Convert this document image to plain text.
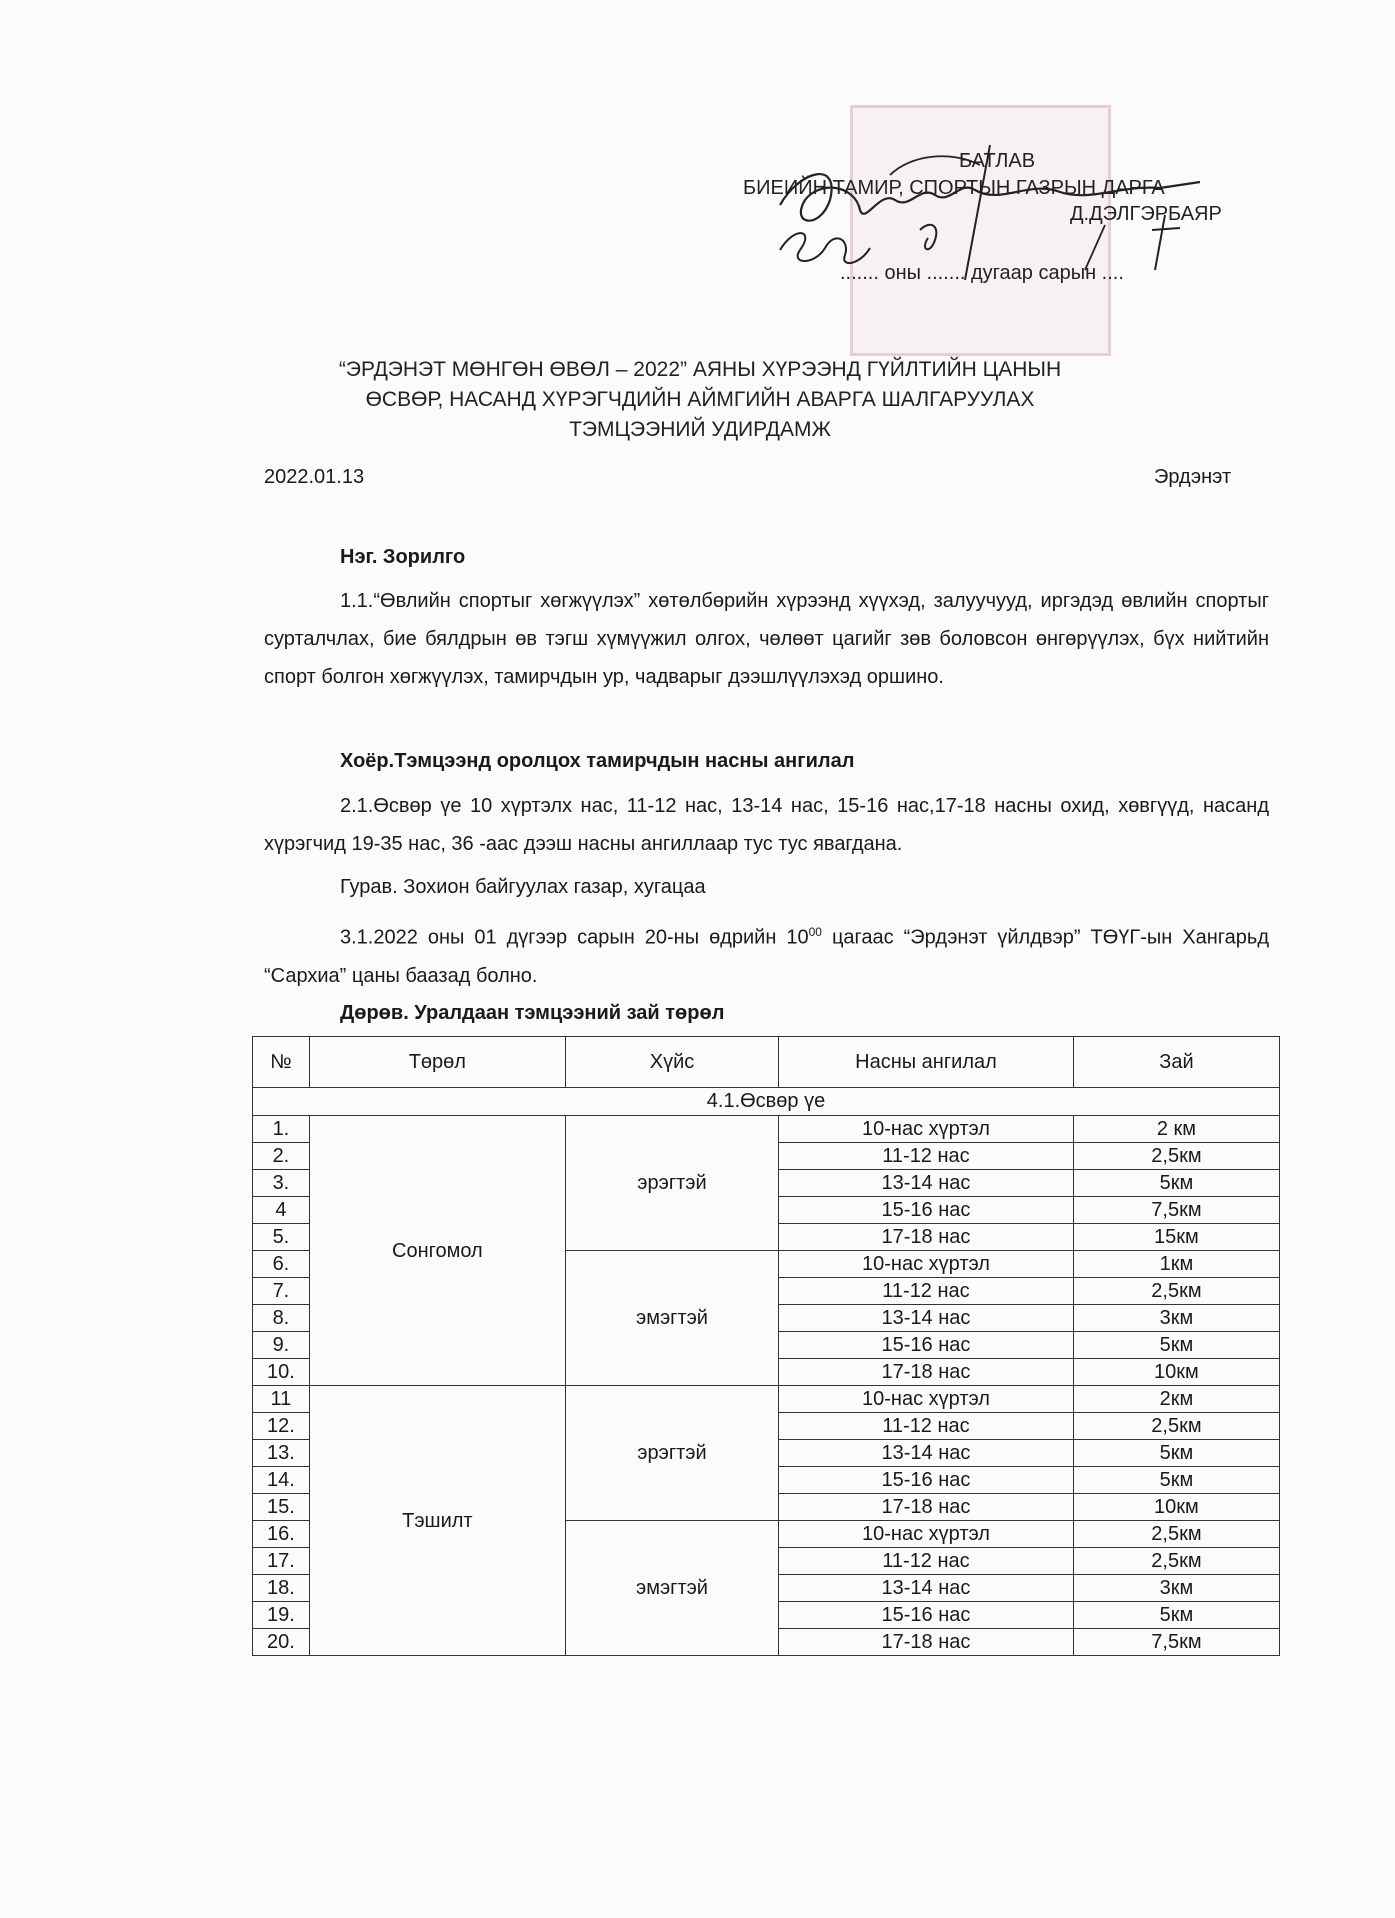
БАТЛАВ
БИЕИЙН ТАМИР, СПОРТЫН ГАЗРЫН ДАРГА
Д.ДЭЛГЭРБАЯР
....... оны ....... дугаар сарын ....
“ЭРДЭНЭТ МӨНГӨН ӨВӨЛ – 2022” АЯНЫ ХҮРЭЭНД ГҮЙЛТИЙН ЦАНЫН
ӨСВӨР, НАСАНД ХҮРЭГЧДИЙН АЙМГИЙН АВАРГА ШАЛГАРУУЛАХ
ТЭМЦЭЭНИЙ УДИРДАМЖ
2022.01.13	Эрдэнэт
Нэг. Зорилго
1.1.“Өвлийн спортыг хөгжүүлэх” хөтөлбөрийн хүрээнд хүүхэд, залуучууд, иргэдэд өвлийн спортыг сурталчлах, бие бялдрын өв тэгш хүмүүжил олгох, чөлөөт цагийг зөв боловсон өнгөрүүлэх, бүх нийтийн спорт болгон хөгжүүлэх, тамирчдын ур, чадварыг дээшлүүлэхэд оршино.
Хоёр.Тэмцээнд оролцох тамирчдын насны ангилал
2.1.Өсвөр үе 10 хүртэлх нас, 11-12 нас, 13-14 нас, 15-16 нас,17-18 насны охид, хөвгүүд, насанд хүрэгчид 19-35 нас, 36 -аас дээш насны ангиллаар тус тус явагдана.
Гурав. Зохион байгуулах газар, хугацаа
3.1.2022 оны 01 дүгээр сарын 20-ны өдрийн $10^{00}$ цагаас “Эрдэнэт үйлдвэр” ТӨҮГ-ын Хангарьд “Сархиа” цаны баазад болно.
Дөрөв. Уралдаан тэмцээний зай төрөл
№	Төрөл	Хүйс	Насны ангилал	Зай
4.1.Өсвөр үе				
1.	Сонгомол	эрэгтэй	10-нас хүртэл	2 км
2.			11-12 нас	2,5км
3.			13-14 нас	5км
4			15-16 нас	7,5км
5.			17-18 нас	15км
6.		эмэгтэй	10-нас хүртэл	1км
7.			11-12 нас	2,5км
8.			13-14 нас	3км
9.			15-16 нас	5км
10.			17-18 нас	10км
11	Тэшилт	эрэгтэй	10-нас хүртэл	2км
12.			11-12 нас	2,5км
13.			13-14 нас	5км
14.			15-16 нас	5км
15.			17-18 нас	10км
16.		эмэгтэй	10-нас хүртэл	2,5км
17.			11-12 нас	2,5км
18.			13-14 нас	3км
19.			15-16 нас	5км
20.			17-18 нас	7,5км
